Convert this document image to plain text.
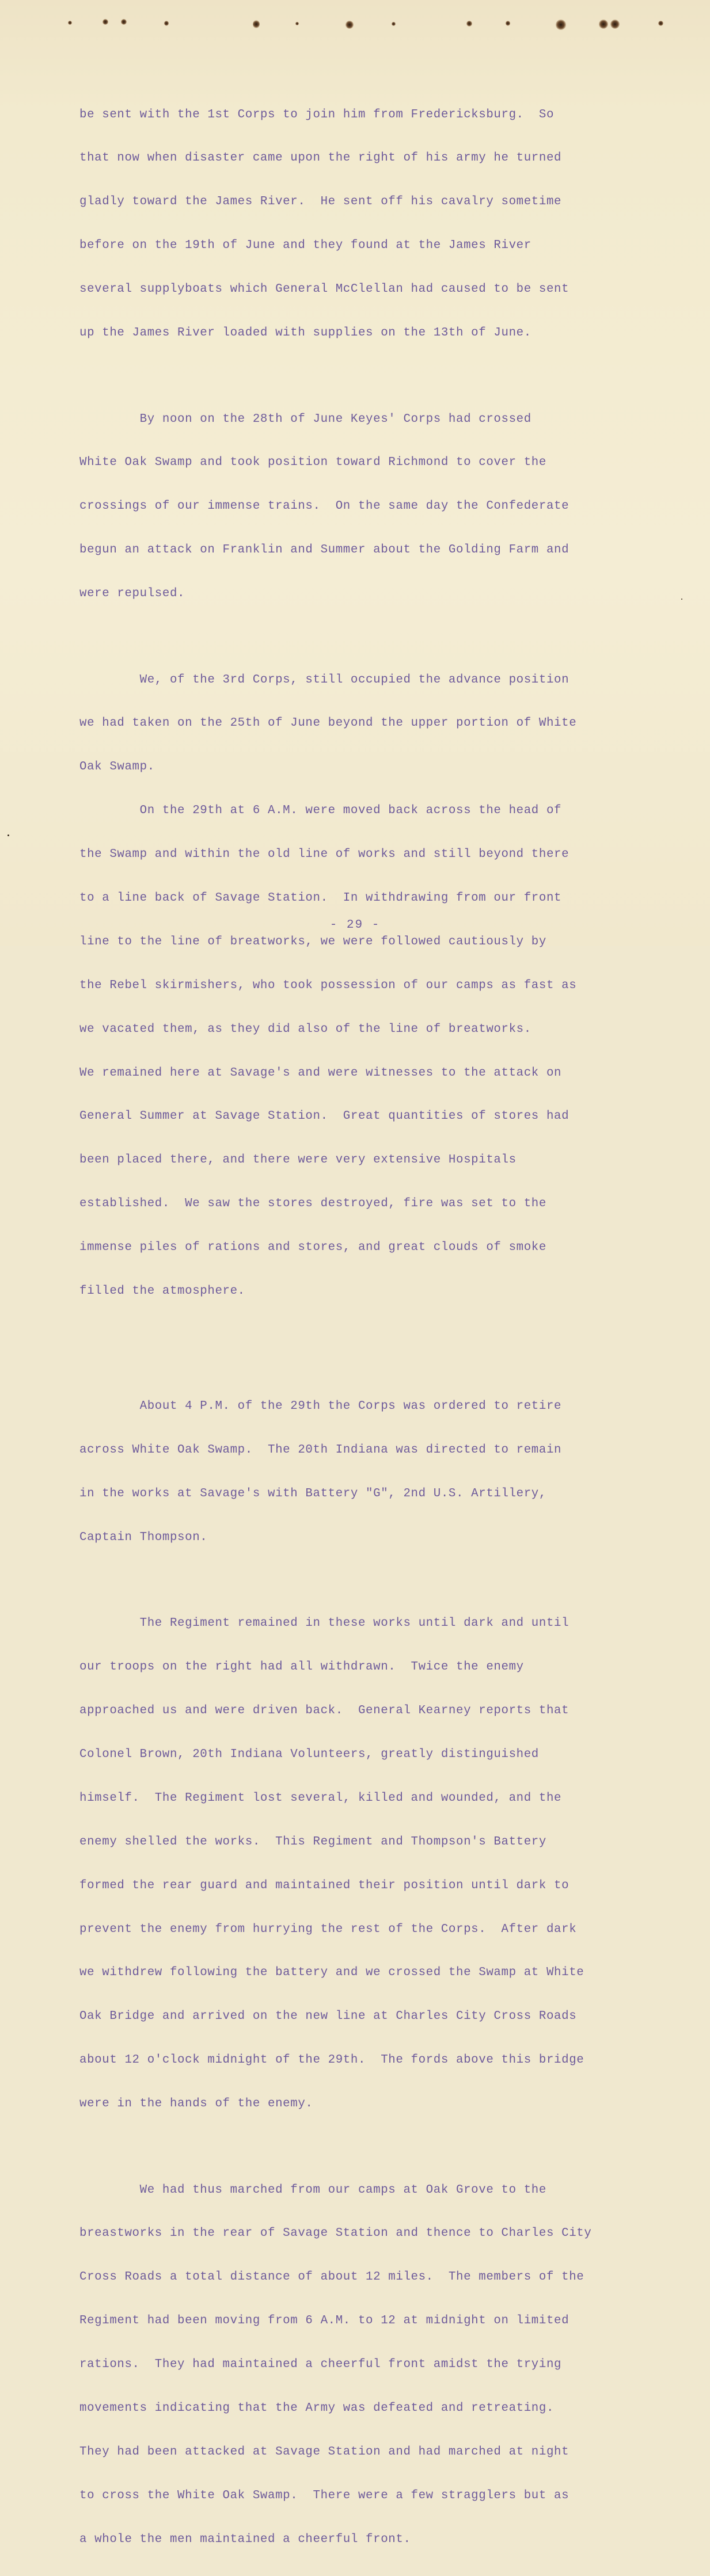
be sent with the 1st Corps to join him from Fredericksburg.  So

that now when disaster came upon the right of his army he turned

gladly toward the James River.  He sent off his cavalry sometime

before on the 19th of June and they found at the James River

several supplyboats which General McClellan had caused to be sent

up the James River loaded with supplies on the 13th of June.

By noon on the 28th of June Keyes' Corps had crossed

White Oak Swamp and took position toward Richmond to cover the

crossings of our immense trains.  On the same day the Confederate

begun an attack on Franklin and Summer about the Golding Farm and

were repulsed.

We, of the 3rd Corps, still occupied the advance position

we had taken on the 25th of June beyond the upper portion of White

Oak Swamp.

On the 29th at 6 A.M. were moved back across the head of

the Swamp and within the old line of works and still beyond there

to a line back of Savage Station.  In withdrawing from our front

line to the line of breatworks, we were followed cautiously by

the Rebel skirmishers, who took possession of our camps as fast as

we vacated them, as they did also of the line of breatworks.

We remained here at Savage's and were witnesses to the attack on

General Summer at Savage Station.  Great quantities of stores had

been placed there, and there were very extensive Hospitals

established.  We saw the stores destroyed, fire was set to the

immense piles of rations and stores, and great clouds of smoke

filled the atmosphere.

About 4 P.M. of the 29th the Corps was ordered to retire

across White Oak Swamp.  The 20th Indiana was directed to remain

in the works at Savage's with Battery "G", 2nd U.S. Artillery,

Captain Thompson.

The Regiment remained in these works until dark and until

our troops on the right had all withdrawn.  Twice the enemy

approached us and were driven back.  General Kearney reports that

Colonel Brown, 20th Indiana Volunteers, greatly distinguished

himself.  The Regiment lost several, killed and wounded, and the

enemy shelled the works.  This Regiment and Thompson's Battery

formed the rear guard and maintained their position until dark to

prevent the enemy from hurrying the rest of the Corps.  After dark

we withdrew following the battery and we crossed the Swamp at White

Oak Bridge and arrived on the new line at Charles City Cross Roads

about 12 o'clock midnight of the 29th.  The fords above this bridge

were in the hands of the enemy.

We had thus marched from our camps at Oak Grove to the

breastworks in the rear of Savage Station and thence to Charles City

Cross Roads a total distance of about 12 miles.  The members of the

Regiment had been moving from 6 A.M. to 12 at midnight on limited

rations.  They had maintained a cheerful front amidst the trying

movements indicating that the Army was defeated and retreating.

They had been attacked at Savage Station and had marched at night

to cross the White Oak Swamp.  There were a few stragglers but as

a whole the men maintained a cheerful front.

- 29 -
